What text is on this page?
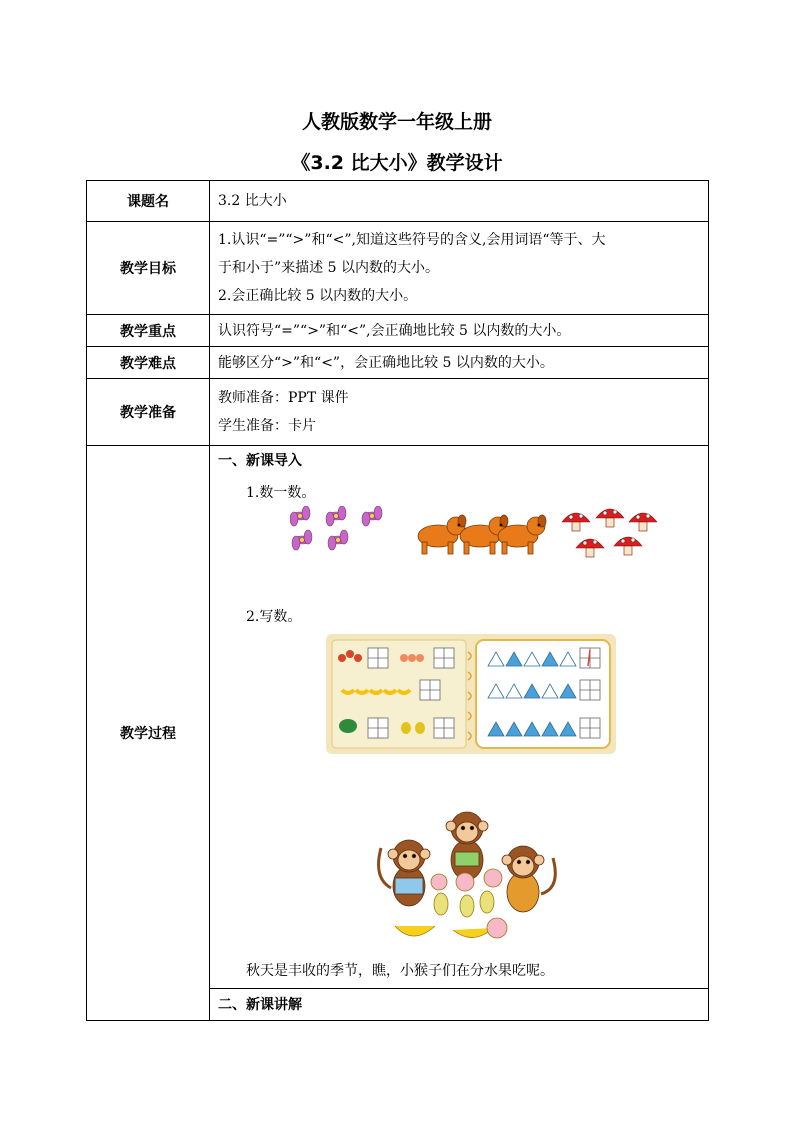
人教版数学一年级上册
《3.2 比大小》教学设计
课题名	3.2 比大小
教学目标	1.认识“=”“>”和“<”,知道这些符号的含义,会用词语“等于、大
于和小于”来描述 5 以内数的大小。
2.会正确比较 5 以内数的大小。

教学重点	认识符号“=”“>”和“<”,会正确地比较 5 以内数的大小。
教学难点	能够区分“>”和“<”，会正确地比较 5 以内数的大小。
教学准备	教师准备：PPT 课件
学生准备：卡片

教学过程	一、新课导入
1.数一数。
2.写数。
秋天是丰收的季节，瞧，小猴子们在分水果吃呢。
二、新课讲解
